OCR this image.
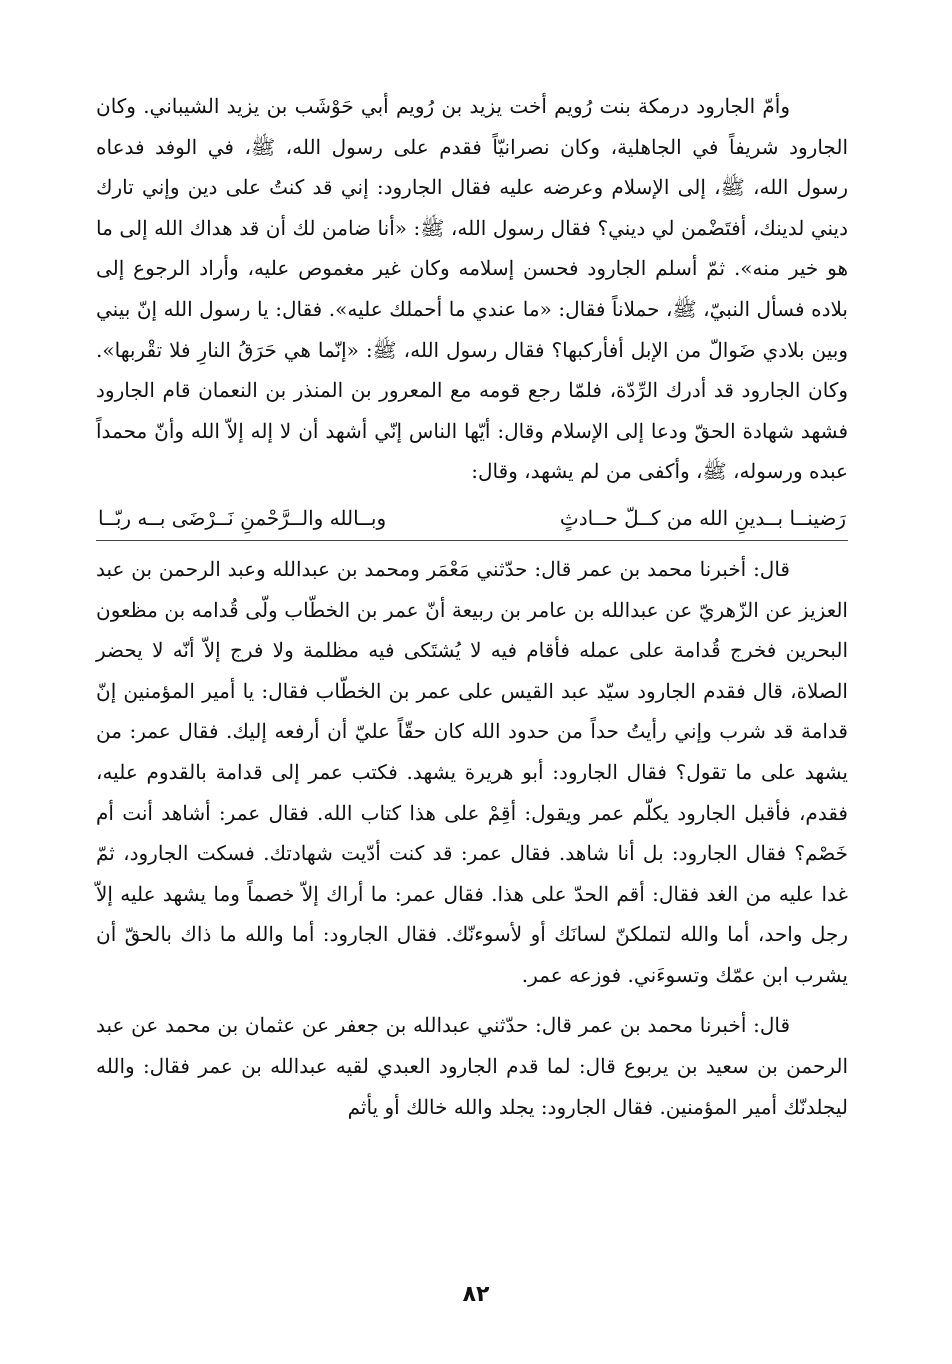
وأمّ الجارود درمكة بنت رُويم أخت يزيد بن رُويم أبي حَوْشَب بن يزيد الشيباني. وكان الجارود شريفاً في الجاهلية، وكان نصرانيّاً فقدم على رسول الله، ﷺ، في الوفد فدعاه رسول الله، ﷺ، إلى الإسلام وعرضه عليه فقال الجارود: إني قد كنتُ على دين وإني تارك ديني لدينك، أفتَضْمن لي ديني؟ فقال رسول الله، ﷺ: «أنا ضامن لك أن قد هداك الله إلى ما هو خير منه». ثمّ أسلم الجارود فحسن إسلامه وكان غير مغموص عليه، وأراد الرجوع إلى بلاده فسأل النبيّ، ﷺ، حملاناً فقال: «ما عندي ما أحملك عليه». فقال: يا رسول الله إنّ بيني وبين بلادي ضَوالّ من الإبل أفأركبها؟ فقال رسول الله، ﷺ: «إنّما هي حَرَقُ النارِ فلا تقْربها». وكان الجارود قد أدرك الرِّدّة، فلمّا رجع قومه مع المعرور بن المنذر بن النعمان قام الجارود فشهد شهادة الحقّ ودعا إلى الإسلام وقال: أيّها الناس إنّي أشهد أن لا إله إلاّ الله وأنّ محمداً عبده ورسوله، ﷺ، وأكفى من لم يشهد، وقال:

رَضينــا بــدينِ الله من كــلّ حــادثٍ
وبــالله والــرَّحْمنِ نَــرْضَى بــه ربّــا

قال: أخبرنا محمد بن عمر قال: حدّثني مَعْمَر ومحمد بن عبدالله وعبد الرحمن بن عبد العزيز عن الزّهريّ عن عبدالله بن عامر بن ربيعة أنّ عمر بن الخطّاب ولّى قُدامه بن مظعون البحرين فخرج قُدامة على عمله فأقام فيه لا يُشتَكى فيه مظلمة ولا فرج إلاّ أنّه لا يحضر الصلاة، قال فقدم الجارود سيّد عبد القيس على عمر بن الخطّاب فقال: يا أمير المؤمنين إنّ قدامة قد شرب وإني رأيتُ حداً من حدود الله كان حقّاً عليّ أن أرفعه إليك. فقال عمر: من يشهد على ما تقول؟ فقال الجارود: أبو هريرة يشهد. فكتب عمر إلى قدامة بالقدوم عليه، فقدم، فأقبل الجارود يكلّم عمر ويقول: أقِمْ على هذا كتاب الله. فقال عمر: أشاهد أنت أم خَصْم؟ فقال الجارود: بل أنا شاهد. فقال عمر: قد كنت أدّيت شهادتك. فسكت الجارود، ثمّ غدا عليه من الغد فقال: أقم الحدّ على هذا. فقال عمر: ما أراك إلاّ خصماً وما يشهد عليه إلاّ رجل واحد، أما والله لتملكنّ لسانَك أو لأسوءنّك. فقال الجارود: أما والله ما ذاك بالحقّ أن يشرب ابن عمّك وتسوءَني. فوزعه عمر.

قال: أخبرنا محمد بن عمر قال: حدّثني عبدالله بن جعفر عن عثمان بن محمد عن عبد الرحمن بن سعيد بن يربوع قال: لما قدم الجارود العبدي لقيه عبدالله بن عمر فقال: والله ليجلدنّك أمير المؤمنين. فقال الجارود: يجلد والله خالك أو يأثم

٨٢
